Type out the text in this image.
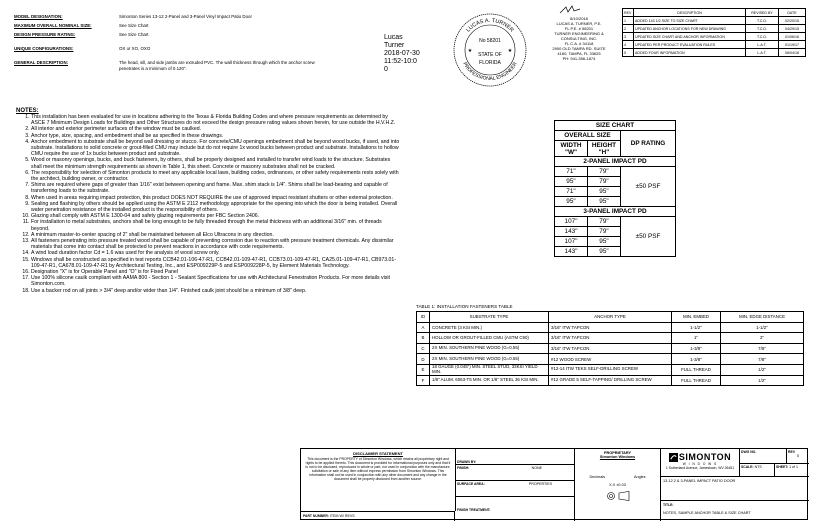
MODEL DESIGNATION:	Simonton Series 13-12 2-Panel and 3-Panel Vinyl Impact Patio Door
MAXIMUM OVERALL NOMINAL SIZE:	See Size Chart
DESIGN PRESSURE RATING:	See Size Chart
UNIQUE CONFIGURATIONS:	OX or XO, OXO
GENERAL DESCRIPTION:	The head, sill, and side jambs are extruded PVC. The wall thickness through which the anchor screw penetrates is a minimum of 0.120".
LUCAS A. TURNER
PROFESSIONAL ENGINEER
No 58201
STATE OF
FLORIDA
★	★
Lucas
Turner
2018-07-30
11:52-10:0
0
8/10/2018
LUCAS A. TURNER, P.E.
FL P.E. # 58201
TURNER ENGINEERING &
CONSULTING, INC.
FL C.A. # 34118
2900 OLD TAMPA RD. SUITE
4160, TAMPA, FL 33625
PH: 941-356-1874
REV	DESCRIPTION	REVISED BY	DATE
1	ADDED 143 1/2 SIZE TO SIZE CHART	T.C.D.	02/20/15
2	UPDATED ANCHOR LOCATIONS FOR NEW DRAWING	T.C.D.	04/29/15
3	UPDATED SIZE CHART AND ANCHOR INFORMATION	T.C.D.	01/06/16
4	UPDATED PER PRODUCT EVALUATION RULES	L.A.T.	01/19/17
5	ADDED FOUR INFORMATION	L.A.T.	06/04/18
NOTES:
1. This installation has been evaluated for use in locations adhering to the Texas & Florida Building Codes and where pressure requirements as determined by ASCE 7 Minimum Design Loads for Buildings and Other Structures do not exceed the design pressure rating values shown herein, for use outside the H.V.H.Z.
2. All interior and exterior perimeter surfaces of the window must be caulked.
3. Anchor type, size, spacing, and embedment shall be as specified in these drawings.
4. Anchor embedment to substrate shall be beyond wall dressing or stucco. For concrete/CMU openings embedment shall be beyond wood bucks, if used, and into substrate. Installations to solid concrete or grout-filled CMU may include but do not require 1x wood bucks between product and substrate. Installations to hollow CMU require the use of 1x bucks between product and substrate.
5. Wood or masonry openings, bucks, and buck fasteners, by others, shall be properly designed and installed to transfer wind loads to the structure. Substrates shall meet the minimum strength requirements as shown in Table 1, this sheet. Concrete or masonry substrates shall not be cracked.
6. The responsibility for selection of Simonton products to meet any applicable local laws, building codes, ordinances, or other safety requirements rests solely with the architect, building owner, or contractor.
7. Shims are required where gaps of greater than 1/16" exist between opening and frame. Max. shim stack is 1/4". Shims shall be load-bearing and capable of transferring loads to the substrate.
8. When used in areas requiring impact protection, this product DOES NOT REQUIRE the use of approved impact resistant shutters or other external protection.
9. Sealing and flashing by others should be applied using the ASTM E 2112 methodology appropriate for the opening into which the door is being installed. Overall water penetration resistance of the installed product is the responsibility of others.
10. Glazing shall comply with ASTM E 1300-04 and safety glazing requirements per FBC Section 2406.
11. For installation to metal substrates, anchors shall be long enough to be fully threaded through the metal thickness with an additional 3/16" min. of threads beyond.
12. A minimum master-to-center spacing of 2" shall be maintained between all Elco Ultracons in any direction.
13. All fasteners penetrating into pressure treated wood shall be capable of preventing corrosion due to reaction with pressure treatment chemicals. Any dissimilar materials that come into contact shall be protected to prevent reactions in accordance with code requirements.
14. A wind load duration factor Cd = 1.6 was used for the analysis of wood screw only.
15. Windows shall be constructed as specified in test reports CCB42.01-106-47-R1, CCB42.01-109-47-R1, CCB73.01-109-47-R1, CA25.01-109-47-R1, CB973.01-109-47-R1, CA678.01-109-47-R1 by Architectural Testing, Inc., and ESP009229P-5 and ESP009228P-5, by Element Materials Technology.
16. Designation "X" is for Operable Panel and "O" is for Fixed Panel
17. Use 100% silicone caulk compliant with AAMA 800 - Section 1 - Sealant Specifications for use with Architectural Fenestration Products. For more details visit Simonton.com.
18. Use a backer rod on all joints > 3/4" deep and/or wider than 1/4". Finished caulk joint should be a minimum of 3/8" deep.
SIZE CHART		
OVERALL SIZE		DP RATING
WIDTH
"W"	HEIGHT
"H"	
2-PANEL IMPACT PD		
71"	79"	±50 PSF
95"	79"	
71"	95"	
95"	95"	
3-PANEL IMPACT PD		
107"	79"	±50 PSF
143"	79"	
107"	95"	
143"	95"	
TABLE 1: INSTALLATION FASTENERS TABLE
ID	SUBSTRATE TYPE	ANCHOR TYPE	MIN. EMBED	MIN. EDGE DISTANCE
A	CONCRETE (3 KSI MIN.)	3/16" ITW TAPCON	1-1/2"	1-1/2"
B	HOLLOW OR GROUT-FILLED CMU (ASTM C90)	3/16" ITW TAPCON	1"	2"
C	2X MIN. SOUTHERN PINE WOOD (G=0.55)	3/16" ITW TAPCON	1-3/8"	7/8"
D	2X MIN. SOUTHERN PINE WOOD (G=0.55)	#12 WOOD SCREW	1-3/8"	7/8"
E	18 GAUGE (0.045") MIN. STEEL STUD, 33KSI YIELD MIN.	#12-14 ITW TEKS SELF-DRILLING SCREW	FULL THREAD	1/2"
F	1/8" ALUM. 6063-T5 MIN. OR 1/8" STEEL 36 KSI MIN.	#12 GRADE 5 SELF-TAPPING/ DRILLING SCREW	FULL THREAD	1/2"
DISCLAIMER STATEMENT
This document is the PROPERTY of Simonton Windows, which retains all proprietary right and rights to be applied thereto. This document is provided for informational purposes only and that it is not to be disclosed, reproduced in whole or part, nor used in conjunction with the manufacture, solicitation or sale of any item without express permission from Simonton Windows. This information shall not be used in conjunction with any other document and any change in the document shall be properly disclosed from another source.
PART NUMBER: ITEM W/ REVS
DRAWN BY:
FINISH:	NONE
SURFACE AREA:	PROPERTIES
FINISH TREATMENT:
PROPRIETARY
Simonton Windows
Decimals	Angles
X.X ±0.03
SIMONTON
W I N D O W S
1 Sutherland Avenue, Jamestown, WV 26451
DWG NO.	REV
5
SCALE: NTS	SHEET: 1 of 1
13-12 2 & 3-PANEL IMPACT PATIO DOOR
TITLE:
NOTES, SAMPLE ANCHOR TABLE & SIZE CHART
